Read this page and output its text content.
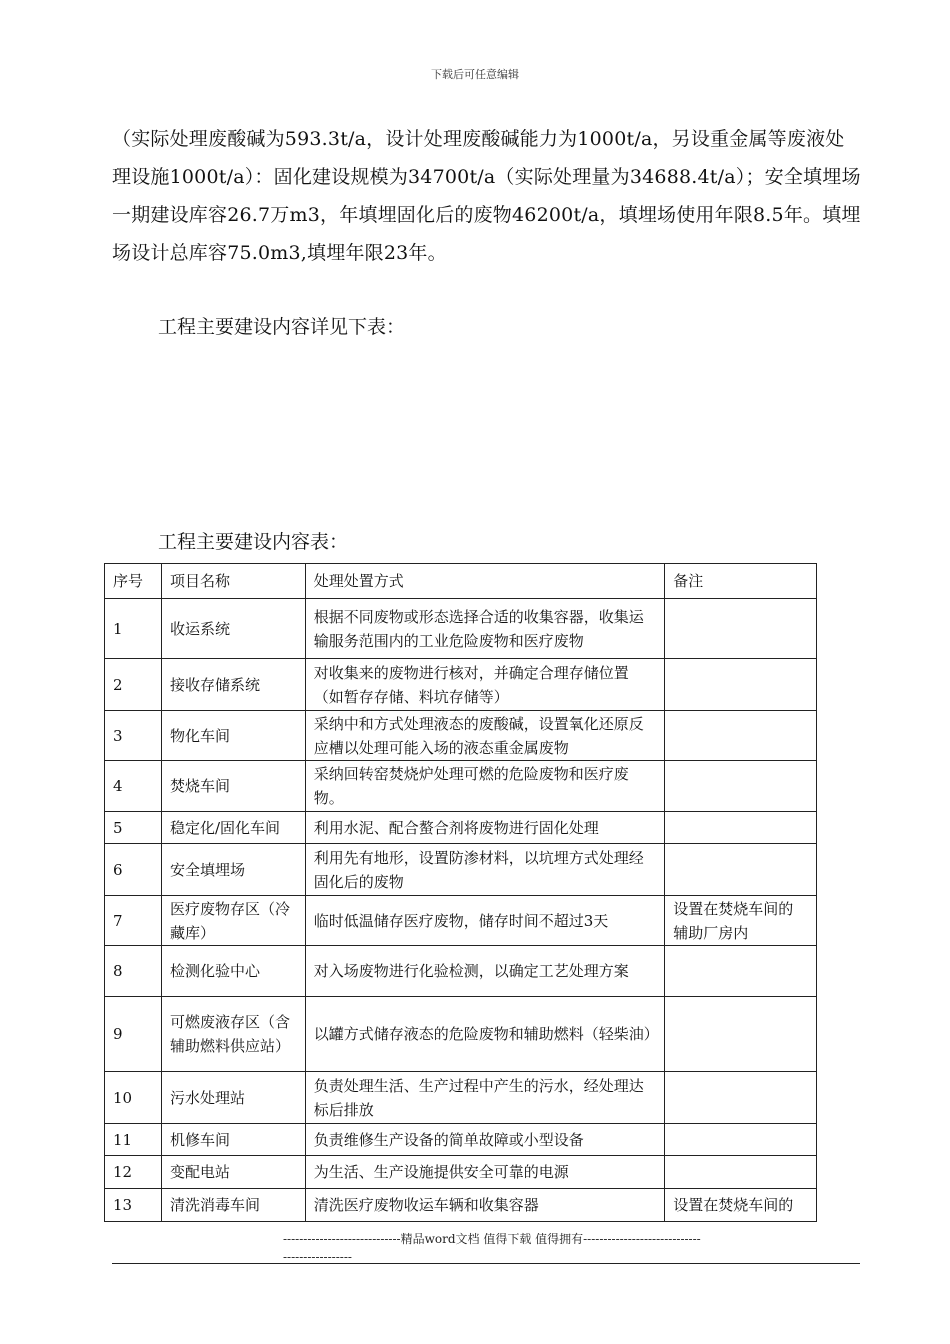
下载后可任意编辑
（实际处理废酸碱为593.3t/a，设计处理废酸碱能力为1000t/a，另设重金属等废液处理设施1000t/a）：固化建设规模为34700t/a（实际处理量为34688.4t/a）；安全填埋场一期建设库容26.7万m3，年填埋固化后的废物46200t/a，填埋场使用年限8.5年。填埋场设计总库容75.0m3,填埋年限23年。
工程主要建设内容详见下表：
工程主要建设内容表：
序号	项目名称	处理处置方式	备注
1	收运系统	根据不同废物或形态选择合适的收集容器，收集运输服务范围内的工业危险废物和医疗废物	
2	接收存储系统	对收集来的废物进行核对，并确定合理存储位置（如暂存存储、料坑存储等）	
3	物化车间	采纳中和方式处理液态的废酸碱，设置氧化还原反应槽以处理可能入场的液态重金属废物	
4	焚烧车间	采纳回转窑焚烧炉处理可燃的危险废物和医疗废物。	
5	稳定化/固化车间	利用水泥、配合螯合剂将废物进行固化处理	
6	安全填埋场	利用先有地形，设置防渗材料，以坑埋方式处理经固化后的废物	
7	医疗废物存区（冷藏库）	临时低温储存医疗废物，储存时间不超过3天	设置在焚烧车间的辅助厂房内
8	检测化验中心	对入场废物进行化验检测，以确定工艺处理方案	
9	可燃废液存区（含辅助燃料供应站）	以罐方式储存液态的危险废物和辅助燃料（轻柴油）	
10	污水处理站	负责处理生活、生产过程中产生的污水，经处理达标后排放	
11	机修车间	负责维修生产设备的简单故障或小型设备	
12	变配电站	为生活、生产设施提供安全可靠的电源	
13	清洗消毒车间	清洗医疗废物收运车辆和收集容器	设置在焚烧车间的
-----------------------------精品word文档 值得下载 值得拥有----------------------------------------------
